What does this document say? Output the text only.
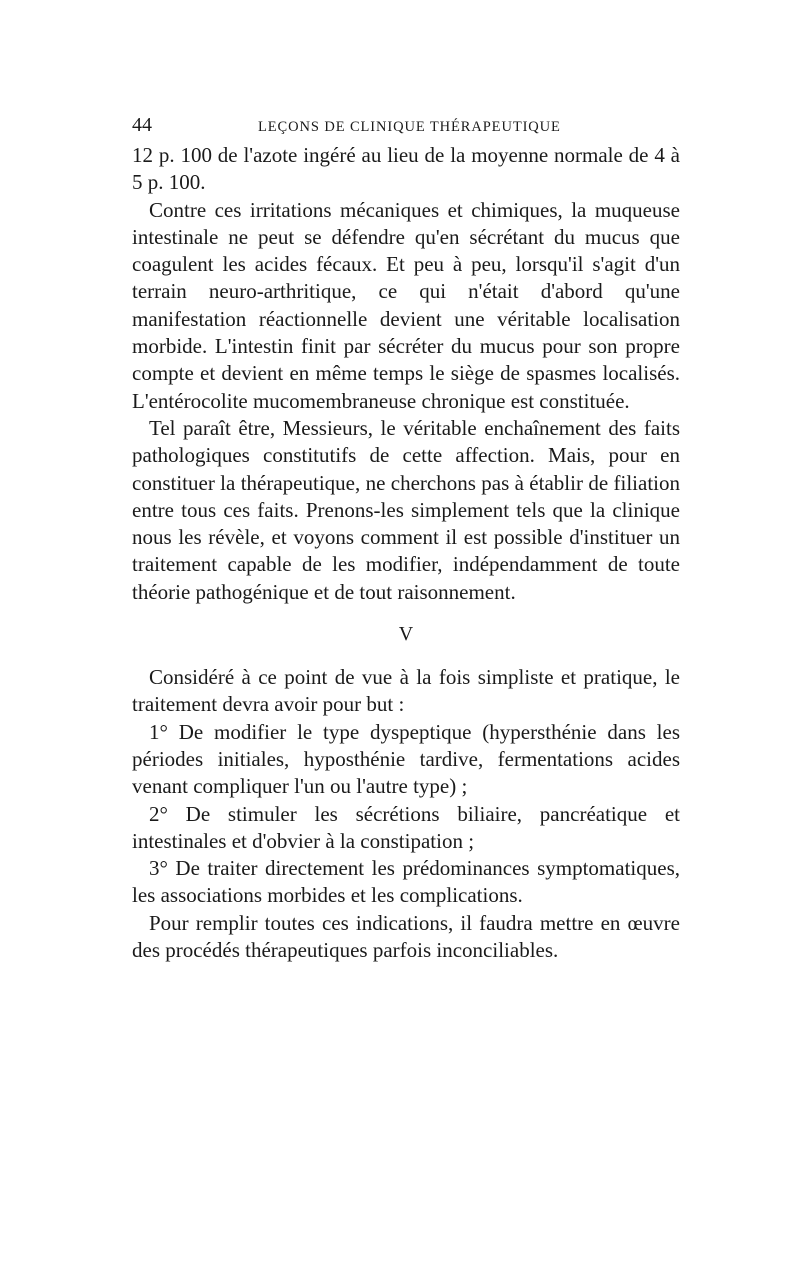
44	LEÇONS DE CLINIQUE THÉRAPEUTIQUE

12 p. 100 de l'azote ingéré au lieu de la moyenne normale de 4 à 5 p. 100.

Contre ces irritations mécaniques et chimiques, la muqueuse intestinale ne peut se défendre qu'en sécrétant du mucus que coagulent les acides fécaux. Et peu à peu, lorsqu'il s'agit d'un terrain neuro-arthritique, ce qui n'était d'abord qu'une manifestation réactionnelle devient une véritable localisation morbide. L'intestin finit par sécréter du mucus pour son propre compte et devient en même temps le siège de spasmes localisés. L'entérocolite mucomembraneuse chronique est constituée.

Tel paraît être, Messieurs, le véritable enchaînement des faits pathologiques constitutifs de cette affection. Mais, pour en constituer la thérapeutique, ne cherchons pas à établir de filiation entre tous ces faits. Prenons-les simplement tels que la clinique nous les révèle, et voyons comment il est possible d'instituer un traitement capable de les modifier, indépendamment de toute théorie pathogénique et de tout raisonnement.

V

Considéré à ce point de vue à la fois simpliste et pratique, le traitement devra avoir pour but :

1° De modifier le type dyspeptique (hypersthénie dans les périodes initiales, hyposthénie tardive, fermentations acides venant compliquer l'un ou l'autre type) ;

2° De stimuler les sécrétions biliaire, pancréatique et intestinales et d'obvier à la constipation ;

3° De traiter directement les prédominances symptomatiques, les associations morbides et les complications.

Pour remplir toutes ces indications, il faudra mettre en œuvre des procédés thérapeutiques parfois inconciliables.
